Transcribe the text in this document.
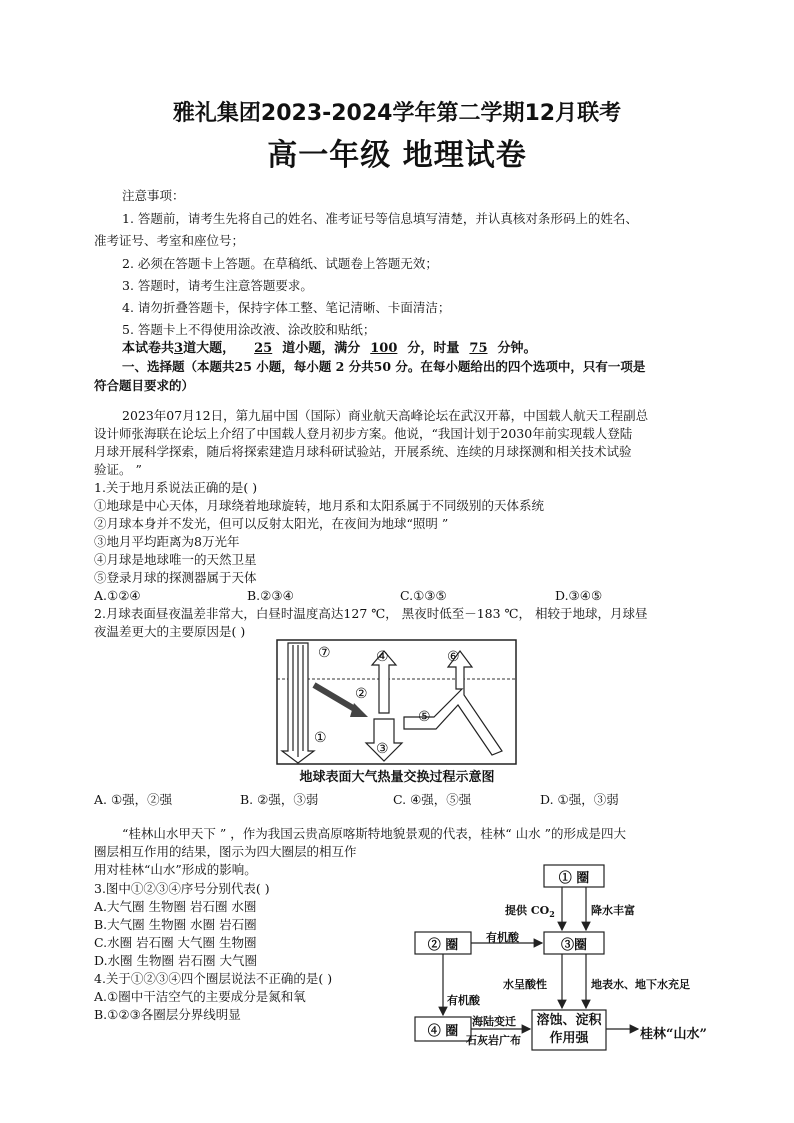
雅礼集团2023-2024学年第二学期12月联考
高一年级 地理试卷
注意事项：
1. 答题前，请考生先将自己的姓名、准考证号等信息填写清楚，并认真核对条形码上的姓名、
准考证号、考室和座位号；
2. 必须在答题卡上答题。在草稿纸、试题卷上答题无效；
3. 答题时，请考生注意答题要求。
4. 请勿折叠答题卡，保持字体工整、笔记清晰、卡面清洁；
5. 答题卡上不得使用涂改液、涂改胶和贴纸；
本试卷共3道大题， 25 道小题，满分 100 分，时量 75 分钟。
一、选择题（本题共25 小题，每小题 2 分共50 分。在每小题给出的四个选项中，只有一项是
符合题目要求的）
2023年07月12日，第九届中国（国际）商业航天高峰论坛在武汉开幕，中国载人航天工程副总
设计师张海联在论坛上介绍了中国载人登月初步方案。他说，“我国计划于2030年前实现载人登陆
月球开展科学探索，随后将探索建造月球科研试验站，开展系统、连续的月球探测和相关技术试验
验证。 ”
1.关于地月系说法正确的是( )
①地球是中心天体，月球绕着地球旋转，地月系和太阳系属于不同级别的天体系统
②月球本身并不发光，但可以反射太阳光，在夜间为地球“照明 ”
③地月平均距离为8万光年
④月球是地球唯一的天然卫星
⑤登录月球的探测器属于天体
A.①②④	B.②③④	C.①③⑤	D.③④⑤
2.月球表面昼夜温差非常大，白昼时温度高达127 ℃， 黑夜时低至－183 ℃， 相较于地球，月球昼
夜温差更大的主要原因是( )
⑦	④	⑥
②
⑤
①
③
地球表面大气热量交换过程示意图
A. ①强，②强	B. ②强，③弱	C. ④强，⑤强	D. ①强，③弱
“桂林山水甲天下 ” ，作为我国云贵高原喀斯特地貌景观的代表，桂林“ 山水 ”的形成是四大
圈层相互作用的结果，图示为四大圈层的相互作
用对桂林“山水”形成的影响。
3.图中①②③④序号分别代表( )
A.大气圈 生物圈 岩石圈 水圈
B.大气圈 生物圈 水圈 岩石圈
C.水圈 岩石圈 大气圈 生物圈
D.水圈 生物圈 岩石圈 大气圈
4.关于①②③④四个圈层说法不正确的是( )
A.①圈中干洁空气的主要成分是氮和氧
B.①②③各圈层分界线明显
① 圈
② 圈	③圈
④ 圈
溶蚀、淀积
作用强	桂林“山水”
提供 $CO_2$	降水丰富
有机酸
有机酸
水呈酸性	地表水、地下水充足
海陆变迁
石灰岩广布
